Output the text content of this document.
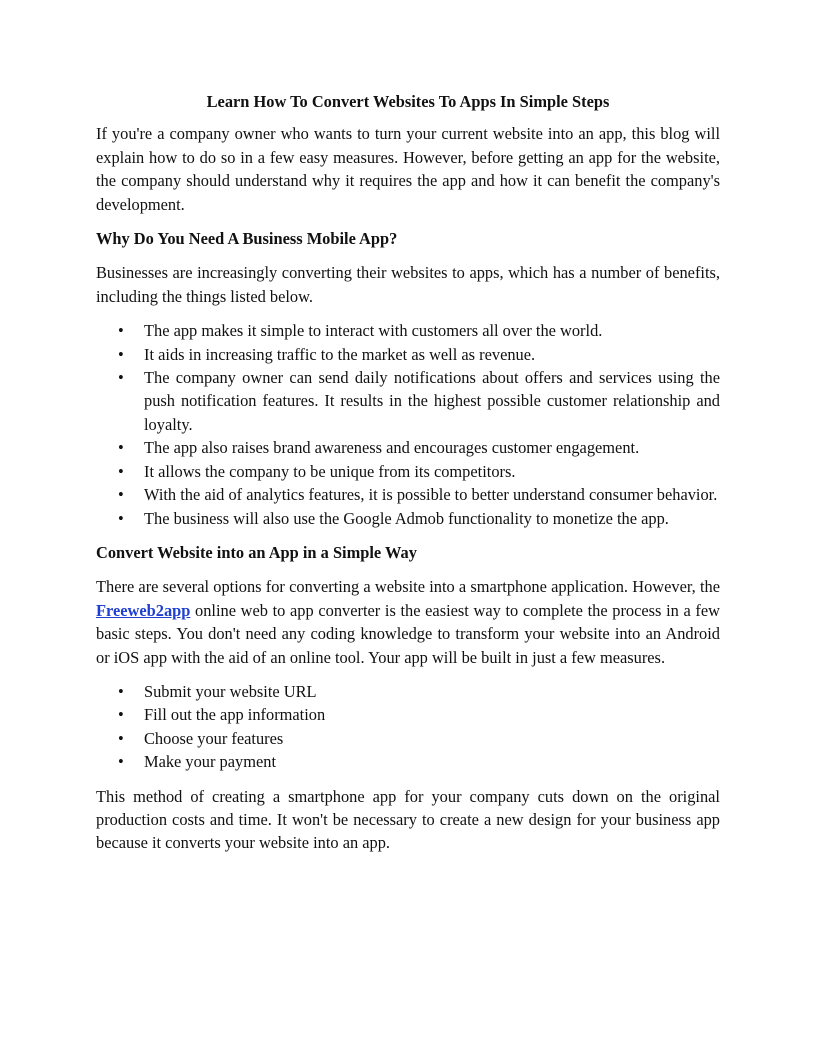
Learn How To Convert Websites To Apps In Simple Steps

If you're a company owner who wants to turn your current website into an app, this blog will explain how to do so in a few easy measures. However, before getting an app for the website, the company should understand why it requires the app and how it can benefit the company's development.

Why Do You Need A Business Mobile App?

Businesses are increasingly converting their websites to apps, which has a number of benefits, including the things listed below.

• The app makes it simple to interact with customers all over the world.
• It aids in increasing traffic to the market as well as revenue.
• The company owner can send daily notifications about offers and services using the push notification features. It results in the highest possible customer relationship and loyalty.
• The app also raises brand awareness and encourages customer engagement.
• It allows the company to be unique from its competitors.
• With the aid of analytics features, it is possible to better understand consumer behavior.
• The business will also use the Google Admob functionality to monetize the app.
Convert Website into an App in a Simple Way

There are several options for converting a website into a smartphone application. However, the Freeweb2app online web to app converter is the easiest way to complete the process in a few basic steps. You don't need any coding knowledge to transform your website into an Android or iOS app with the aid of an online tool. Your app will be built in just a few measures.

• Submit your website URL
• Fill out the app information
• Choose your features
• Make your payment

This method of creating a smartphone app for your company cuts down on the original production costs and time. It won't be necessary to create a new design for your business app because it converts your website into an app.
